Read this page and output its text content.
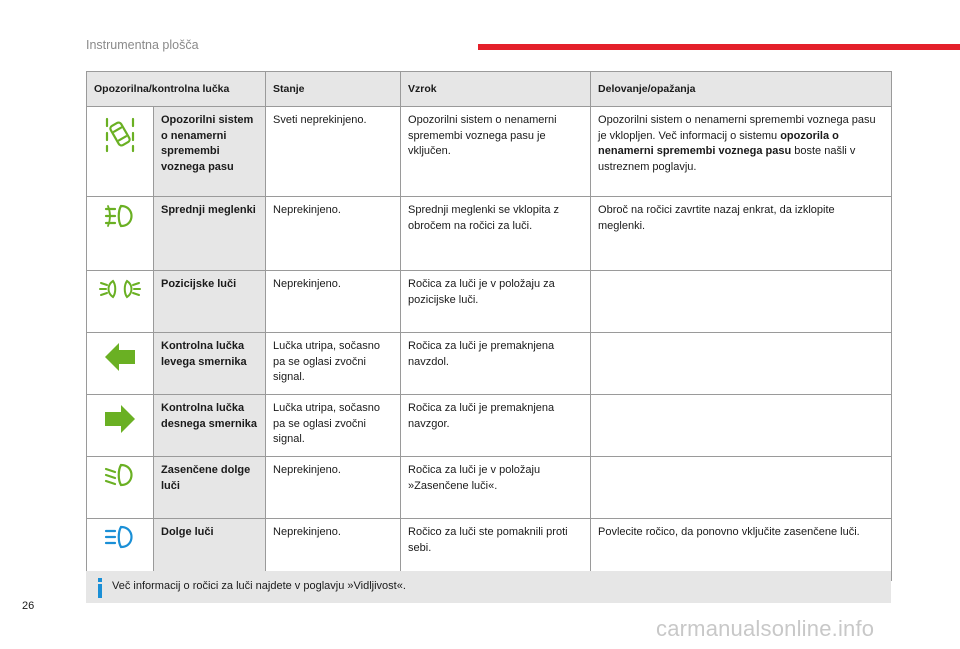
Instrumentna plošča
Opozorilna/kontrolna lučka		Stanje	Vzrok	Delovanje/opažanja

	Opozorilni sistem o nenamerni spremembi voznega pasu	Sveti neprekinjeno.	Opozorilni sistem o nenamerni spremembi voznega pasu je vključen.	Opozorilni sistem o nenamerni spremembi voznega pasu je vklopljen. Več informacij o sistemu opozorila o nenamerni spremembi voznega pasu boste našli v ustreznem poglavju.

	Sprednji meglenki	Neprekinjeno.	Sprednji meglenki se vklopita z obročem na ročici za luči.	Obroč na ročici zavrtite nazaj enkrat, da izklopite meglenki.

	Pozicijske luči	Neprekinjeno.	Ročica za luči je v položaju za pozicijske luči.	

	Kontrolna lučka levega smernika	Lučka utripa, sočasno pa se oglasi zvočni signal.	Ročica za luči je premaknjena navzdol.	

	Kontrolna lučka desnega smernika	Lučka utripa, sočasno pa se oglasi zvočni signal.	Ročica za luči je premaknjena navzgor.	

	Zasenčene dolge luči	Neprekinjeno.	Ročica za luči je v položaju »Zasenčene luči«.	

	Dolge luči	Neprekinjeno.	Ročico za luči ste pomaknili proti sebi.	Povlecite ročico, da ponovno vključite zasenčene luči.
Več informacij o ročici za luči najdete v poglavju »Vidljivost«.
26
carmanualsonline.info
